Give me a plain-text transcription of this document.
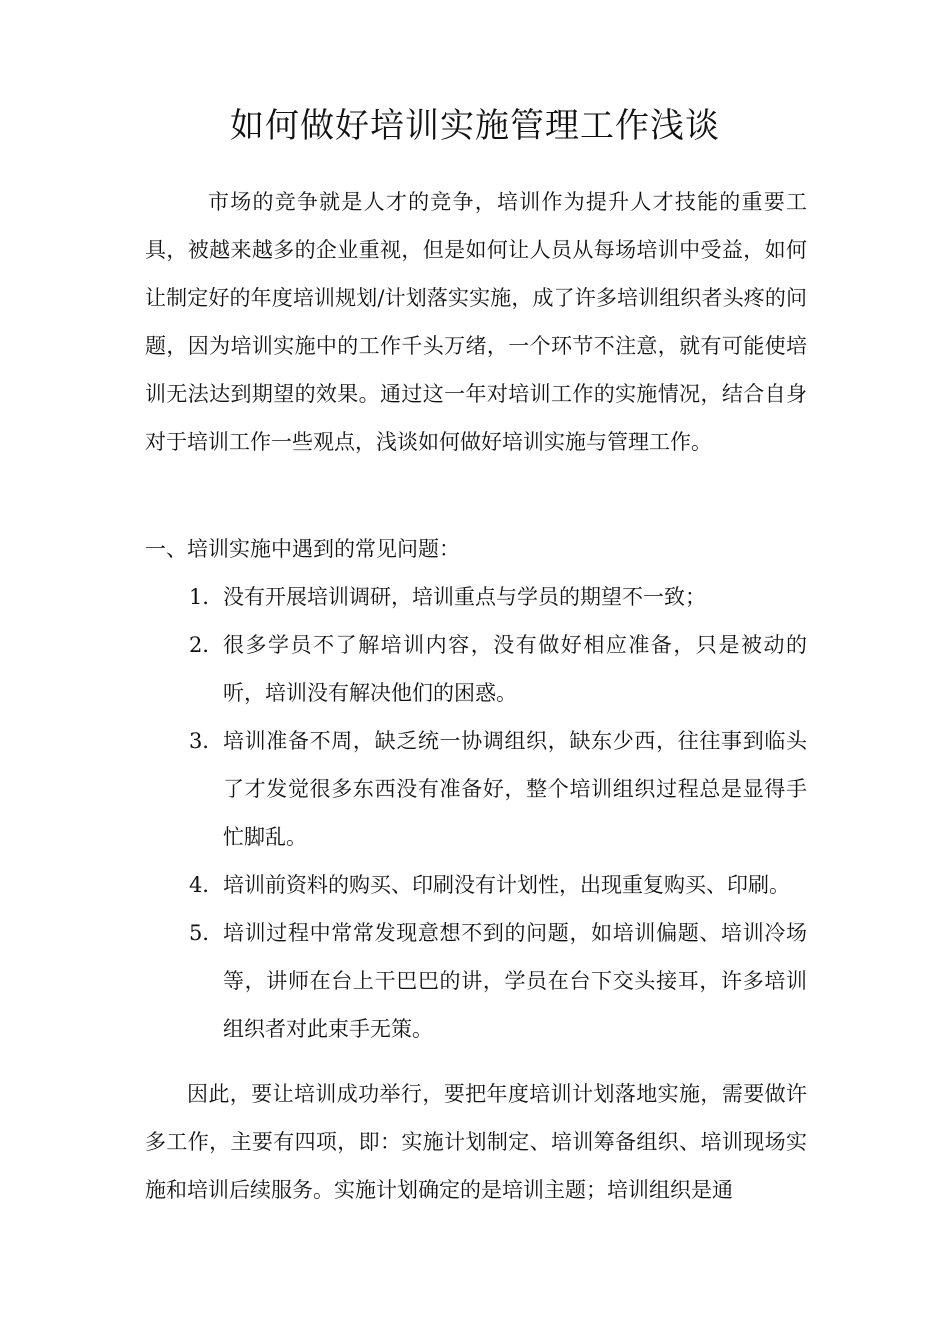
如何做好培训实施管理工作浅谈

市场的竞争就是人才的竞争，培训作为提升人才技能的重要工具，被越来越多的企业重视，但是如何让人员从每场培训中受益，如何让制定好的年度培训规划/计划落实实施，成了许多培训组织者头疼的问题，因为培训实施中的工作千头万绪，一个环节不注意，就有可能使培训无法达到期望的效果。通过这一年对培训工作的实施情况，结合自身对于培训工作一些观点，浅谈如何做好培训实施与管理工作。

一、培训实施中遇到的常见问题：

1． 没有开展培训调研，培训重点与学员的期望不一致；
2． 很多学员不了解培训内容，没有做好相应准备，只是被动的听，培训没有解决他们的困惑。
3． 培训准备不周，缺乏统一协调组织，缺东少西，往往事到临头了才发觉很多东西没有准备好，整个培训组织过程总是显得手忙脚乱。
4． 培训前资料的购买、印刷没有计划性，出现重复购买、印刷。
5． 培训过程中常常发现意想不到的问题，如培训偏题、培训冷场等，讲师在台上干巴巴的讲，学员在台下交头接耳，许多培训组织者对此束手无策。

因此，要让培训成功举行，要把年度培训计划落地实施，需要做许多工作，主要有四项，即：实施计划制定、培训筹备组织、培训现场实施和培训后续服务。实施计划确定的是培训主题；培训组织是通
